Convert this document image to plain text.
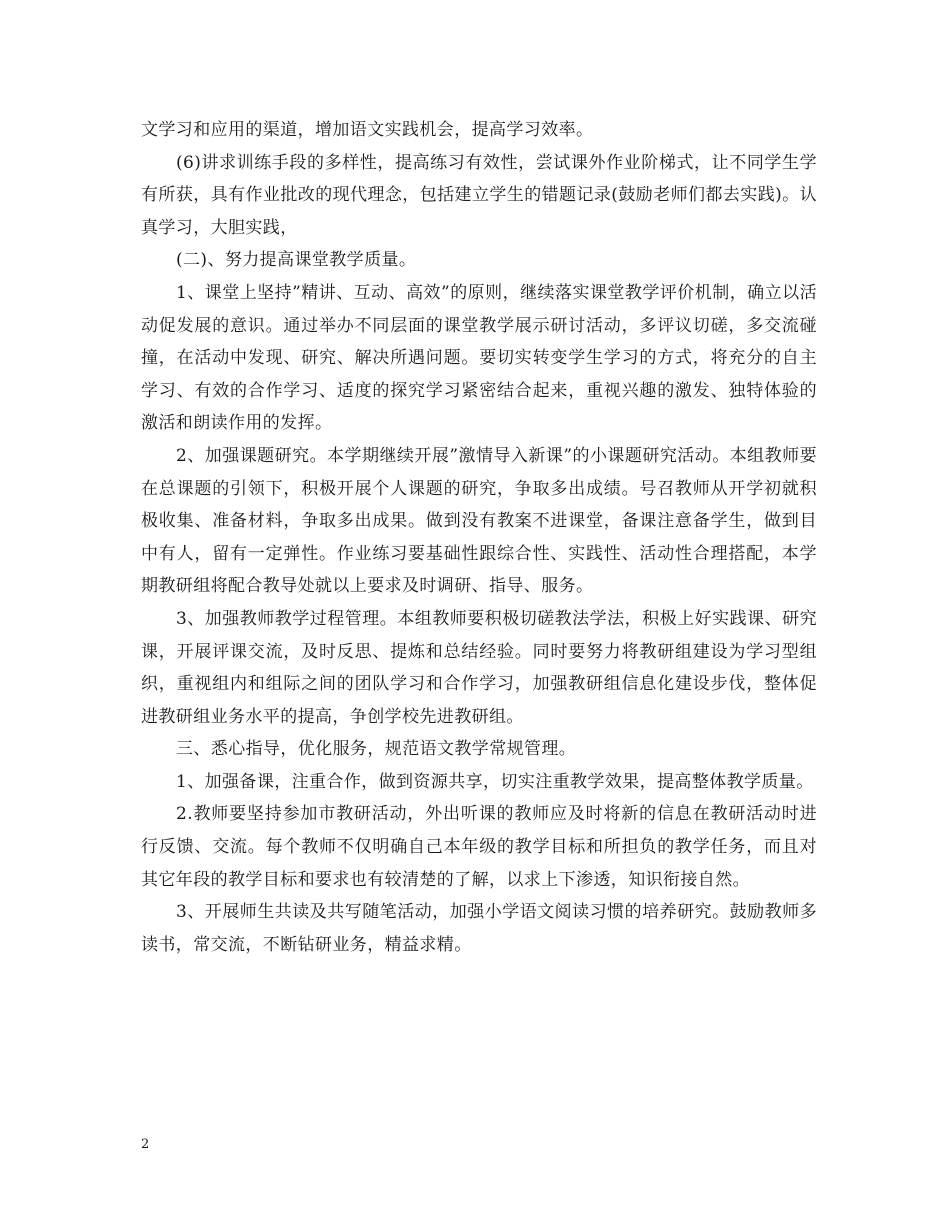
文学习和应用的渠道，增加语文实践机会，提高学习效率。

(6)讲求训练手段的多样性，提高练习有效性，尝试课外作业阶梯式，让不同学生学有所获，具有作业批改的现代理念，包括建立学生的错题记录(鼓励老师们都去实践)。认真学习，大胆实践，

(二)、努力提高课堂教学质量。

1、课堂上坚持”精讲、互动、高效”的原则，继续落实课堂教学评价机制，确立以活动促发展的意识。通过举办不同层面的课堂教学展示研讨活动，多评议切磋，多交流碰撞，在活动中发现、研究、解决所遇问题。要切实转变学生学习的方式，将充分的自主学习、有效的合作学习、适度的探究学习紧密结合起来，重视兴趣的激发、独特体验的激活和朗读作用的发挥。

2、加强课题研究。本学期继续开展”激情导入新课”的小课题研究活动。本组教师要在总课题的引领下，积极开展个人课题的研究，争取多出成绩。号召教师从开学初就积极收集、准备材料，争取多出成果。做到没有教案不进课堂，备课注意备学生，做到目中有人，留有一定弹性。作业练习要基础性跟综合性、实践性、活动性合理搭配，本学期教研组将配合教导处就以上要求及时调研、指导、服务。

3、加强教师教学过程管理。本组教师要积极切磋教法学法，积极上好实践课、研究课，开展评课交流，及时反思、提炼和总结经验。同时要努力将教研组建设为学习型组织，重视组内和组际之间的团队学习和合作学习，加强教研组信息化建设步伐，整体促进教研组业务水平的提高，争创学校先进教研组。

三、悉心指导，优化服务，规范语文教学常规管理。

1、加强备课，注重合作，做到资源共享，切实注重教学效果，提高整体教学质量。

2.教师要坚持参加市教研活动，外出听课的教师应及时将新的信息在教研活动时进行反馈、交流。每个教师不仅明确自己本年级的教学目标和所担负的教学任务，而且对其它年段的教学目标和要求也有较清楚的了解，以求上下渗透，知识衔接自然。

3、开展师生共读及共写随笔活动，加强小学语文阅读习惯的培养研究。鼓励教师多读书，常交流，不断钻研业务，精益求精。

2
